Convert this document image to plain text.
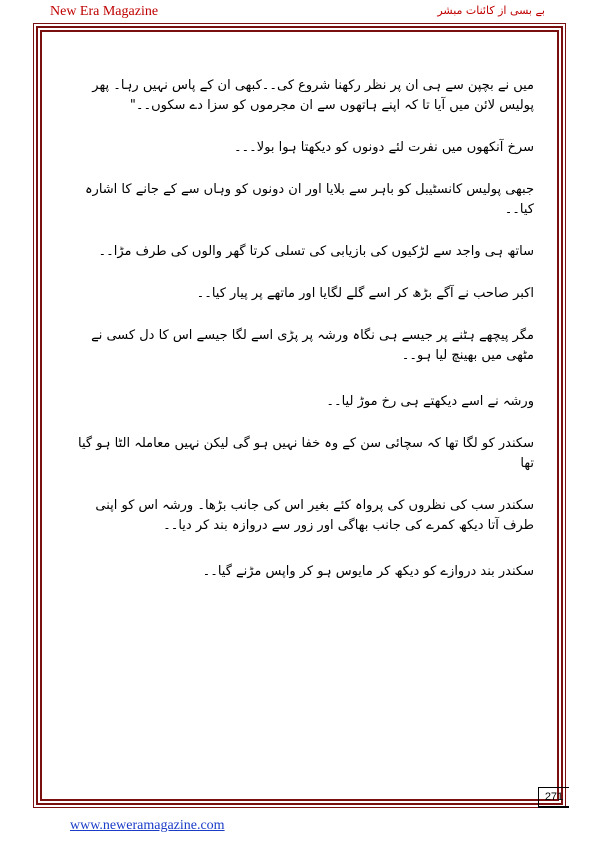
New Era Magazine	بے بسی از کائنات مبشر

میں نے بچپن سے ہی ان پر نظر رکھنا شروع کی۔۔کبھی ان کے پاس نہیں رہا۔ پھر پولیس لائن میں آیا تا کہ اپنے ہاتھوں سے ان مجرموں کو سزا دے سکوں۔۔"

سرخ آنکھوں میں نفرت لئے دونوں کو دیکھتا ہوا بولا۔۔۔

جبھی پولیس کانسٹیبل کو باہر سے بلایا اور ان دونوں کو وہاں سے کے جانے کا اشارہ کیا۔۔

ساتھ ہی واجد سے لڑکیوں کی بازیابی کی تسلی کرتا گھر والوں کی طرف مڑا۔۔

اکبر صاحب نے آگے بڑھ کر اسے گلے لگایا اور ماتھے پر پیار کیا۔۔

مگر پیچھے ہٹنے پر جیسے ہی نگاہ ورشہ پر پڑی اسے لگا جیسے اس کا دل کسی نے مٹھی میں بھینچ لیا ہو۔۔

ورشہ نے اسے دیکھتے ہی رخ موڑ لیا۔۔

سکندر کو لگا تھا کہ سچائی سن کے وہ خفا نہیں ہو گی لیکن نہیں معاملہ الٹا ہو گیا تھا

سکندر سب کی نظروں کی پرواہ کئے بغیر اس کی جانب بڑھا۔ ورشہ اس کو اپنی طرف آتا دیکھ کمرے کی جانب بھاگی اور زور سے دروازہ بند کر دیا۔۔

سکندر بند دروازے کو دیکھ کر مایوس ہو کر واپس مڑنے گیا۔۔

271
www.neweramagazine.com
